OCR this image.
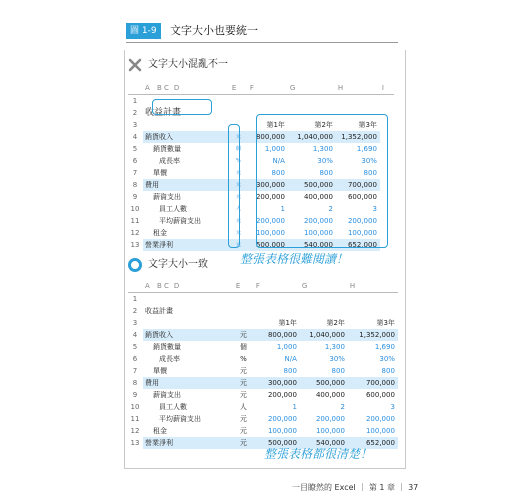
圖 1-9	文字大小也要統一
文字大小混亂不一
	A	B C	D	E	F	G	H	I
1								
2	收益計畫							
3					第1年	第2年	第3年	
4	銷貨收入			元	800,000	1,040,000	1,352,000	
5	銷貨數量			個	1,000	1,300	1,690	
6	成長率			%	N/A	30%	30%	
7	單價			元	800	800	800	
8	費用			元	300,000	500,000	700,000	
9	薪資支出			元	200,000	400,000	600,000	
10	員工人數			人	1	2	3	
11	平均薪資支出			元	200,000	200,000	200,000	
12	租金			元	100,000	100,000	100,000	
13	營業淨利			元	500,000	540,000	652,000	
整張表格很難閱讀！
文字大小一致
	A	B C	D	E	F	G	H
1							
2	收益計畫						
3					第1年	第2年	第3年
4	銷貨收入			元	800,000	1,040,000	1,352,000
5	銷貨數量			個	1,000	1,300	1,690
6	成長率			%	N/A	30%	30%
7	單價			元	800	800	800
8	費用			元	300,000	500,000	700,000
9	薪資支出			元	200,000	400,000	600,000
10	員工人數			人	1	2	3
11	平均薪資支出			元	200,000	200,000	200,000
12	租金			元	100,000	100,000	100,000
13	營業淨利			元	500,000	540,000	652,000
整張表格都很清楚！
一目瞭然的 Excel ｜ 第 1 章 ｜ 37
